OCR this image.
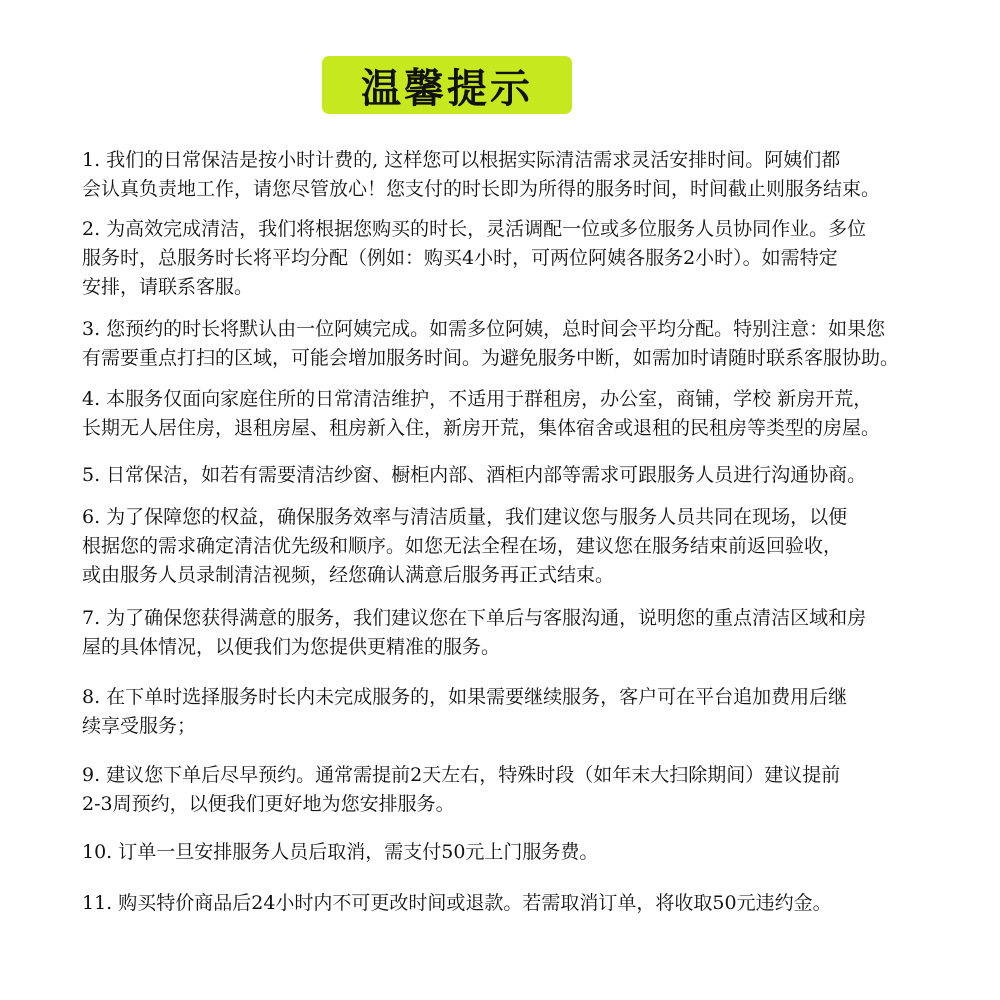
温馨提示
1. 我们的日常保洁是按小时计费的, 这样您可以根据实际清洁需求灵活安排时间。阿姨们都
会认真负责地工作，请您尽管放心！您支付的时长即为所得的服务时间，时间截止则服务结束。
2. 为高效完成清洁，我们将根据您购买的时长，灵活调配一位或多位服务人员协同作业。多位
服务时，总服务时长将平均分配（例如：购买4小时，可两位阿姨各服务2小时）。如需特定
安排，请联系客服。
3. 您预约的时长将默认由一位阿姨完成。如需多位阿姨，总时间会平均分配。特别注意：如果您
有需要重点打扫的区域，可能会增加服务时间。为避免服务中断，如需加时请随时联系客服协助。
4. 本服务仅面向家庭住所的日常清洁维护，不适用于群租房，办公室，商铺，学校 新房开荒，
长期无人居住房，退租房屋、租房新入住，新房开荒，集体宿舍或退租的民租房等类型的房屋。
5. 日常保洁，如若有需要清洁纱窗、橱柜内部、酒柜内部等需求可跟服务人员进行沟通协商。
6. 为了保障您的权益，确保服务效率与清洁质量，我们建议您与服务人员共同在现场，以便
根据您的需求确定清洁优先级和顺序。如您无法全程在场，建议您在服务结束前返回验收，
或由服务人员录制清洁视频，经您确认满意后服务再正式结束。
7. 为了确保您获得满意的服务，我们建议您在下单后与客服沟通，说明您的重点清洁区域和房
屋的具体情况，以便我们为您提供更精准的服务。
8. 在下单时选择服务时长内未完成服务的，如果需要继续服务，客户可在平台追加费用后继
续享受服务；
9. 建议您下单后尽早预约。通常需提前2天左右，特殊时段（如年末大扫除期间）建议提前
2-3周预约，以便我们更好地为您安排服务。
10. 订单一旦安排服务人员后取消，需支付50元上门服务费。
11. 购买特价商品后24小时内不可更改时间或退款。若需取消订单，将收取50元违约金。
